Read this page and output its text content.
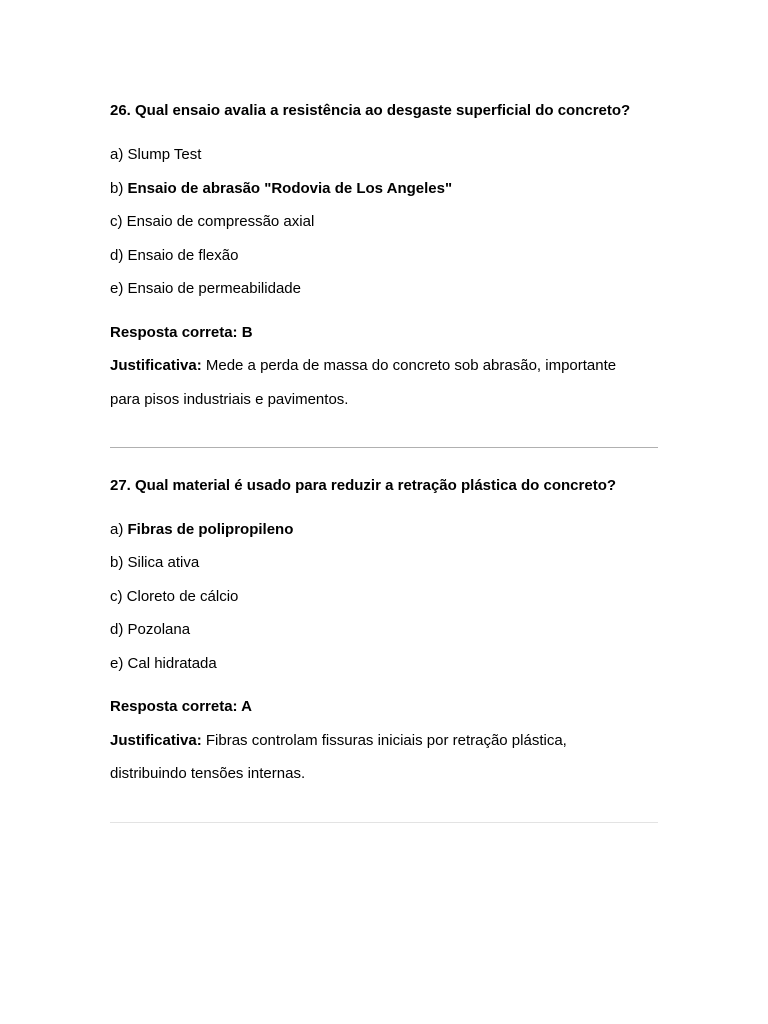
26. Qual ensaio avalia a resistência ao desgaste superficial do concreto?
a) Slump Test
b) Ensaio de abrasão "Rodovia de Los Angeles"
c) Ensaio de compressão axial
d) Ensaio de flexão
e) Ensaio de permeabilidade
Resposta correta: B
Justificativa: Mede a perda de massa do concreto sob abrasão, importante
para pisos industriais e pavimentos.
27. Qual material é usado para reduzir a retração plástica do concreto?
a) Fibras de polipropileno
b) Silica ativa
c) Cloreto de cálcio
d) Pozolana
e) Cal hidratada
Resposta correta: A
Justificativa: Fibras controlam fissuras iniciais por retração plástica,
distribuindo tensões internas.
